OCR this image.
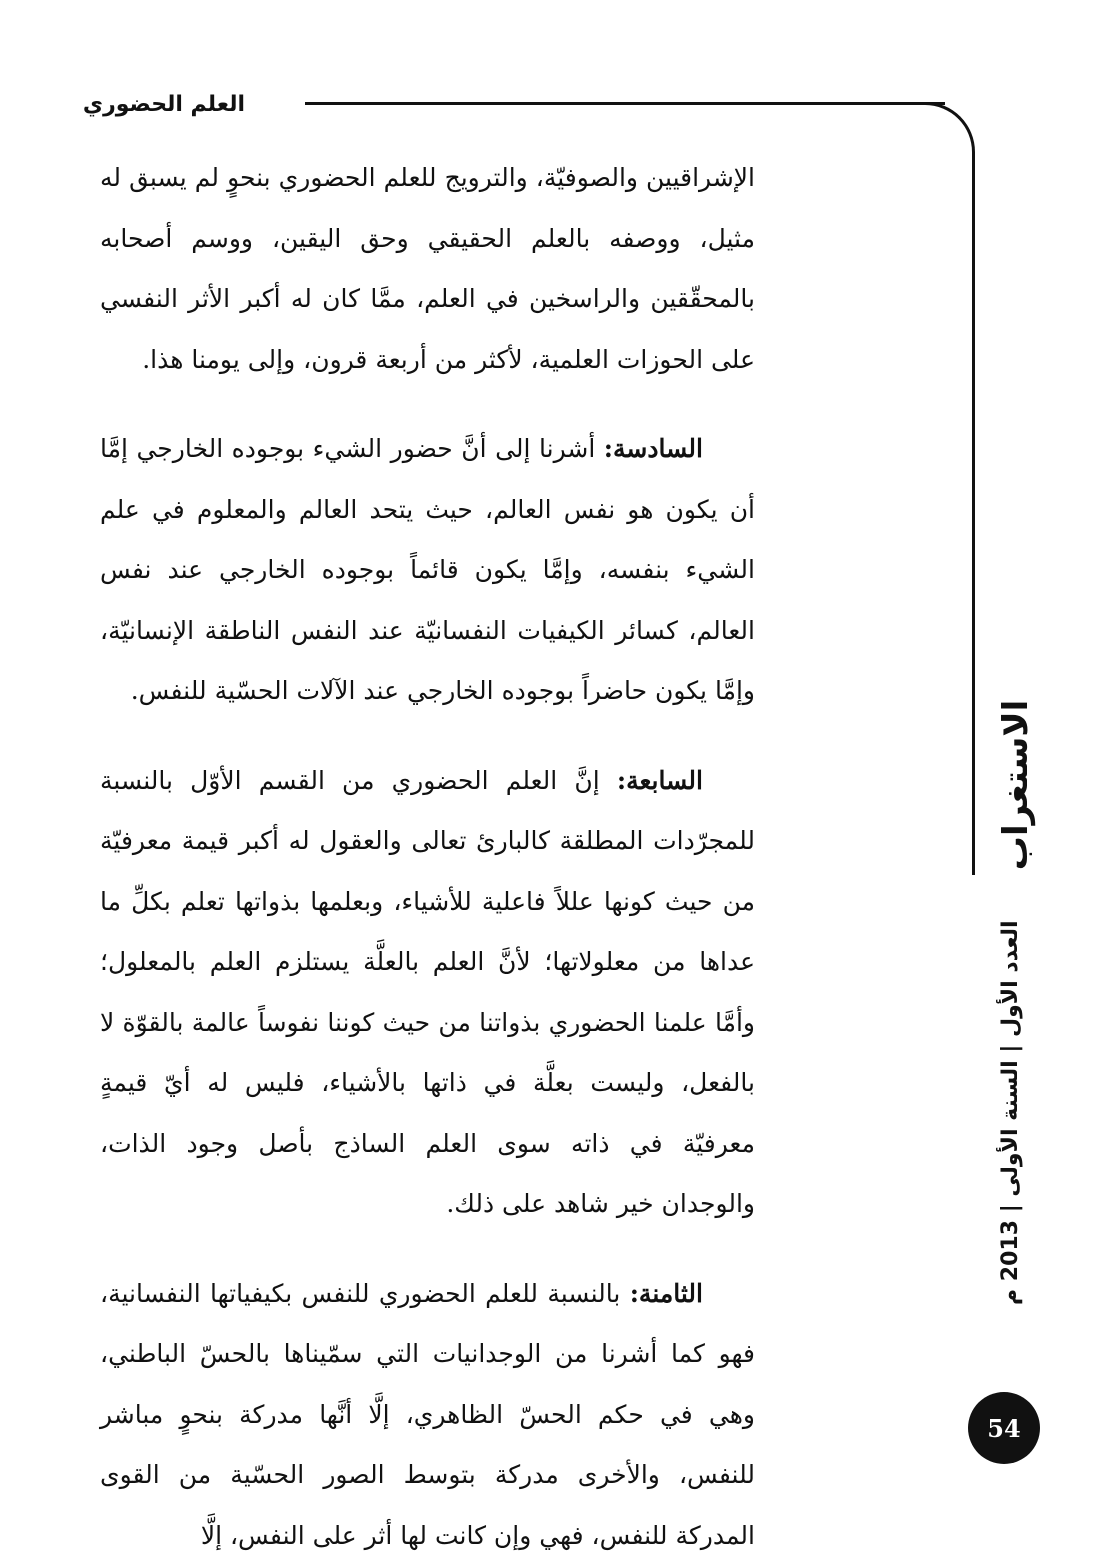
العلم الحضوري

الإشراقيين والصوفيّة، والترويج للعلم الحضوري بنحوٍ لم يسبق له مثيل، ووصفه بالعلم الحقيقي وحق اليقين، ووسم أصحابه بالمحقّقين والراسخين في العلم، ممَّا كان له أكبر الأثر النفسي على الحوزات العلمية، لأكثر من أربعة قرون، وإلى يومنا هذا.

السادسة: أشرنا إلى أنَّ حضور الشيء بوجوده الخارجي إمَّا أن يكون هو نفس العالم، حيث يتحد العالم والمعلوم في علم الشيء بنفسه، وإمَّا يكون قائماً بوجوده الخارجي عند نفس العالم، كسائر الكيفيات النفسانيّة عند النفس الناطقة الإنسانيّة، وإمَّا يكون حاضراً بوجوده الخارجي عند الآلات الحسّية للنفس.

السابعة: إنَّ العلم الحضوري من القسم الأوّل بالنسبة للمجرّدات المطلقة كالبارئ تعالى والعقول له أكبر قيمة معرفيّة من حيث كونها عللاً فاعلية للأشياء، وبعلمها بذواتها تعلم بكلِّ ما عداها من معلولاتها؛ لأنَّ العلم بالعلَّة يستلزم العلم بالمعلول؛ وأمَّا علمنا الحضوري بذواتنا من حيث كوننا نفوساً عالمة بالقوّة لا بالفعل، وليست بعلَّة في ذاتها بالأشياء، فليس له أيّ قيمةٍ معرفيّة في ذاته سوى العلم الساذج بأصل وجود الذات، والوجدان خير شاهد على ذلك.

الثامنة: بالنسبة للعلم الحضوري للنفس بكيفياتها النفسانية، فهو كما أشرنا من الوجدانيات التي سمّيناها بالحسّ الباطني، وهي في حكم الحسّ الظاهري، إلَّا أنَّها مدركة بنحوٍ مباشر للنفس، والأخرى مدركة بتوسط الصور الحسّية من القوى المدركة للنفس، فهي وإن كانت لها أثر على النفس، إلَّا

الاستغراب
العدد الأول | السنة الأولى | 2013 م
54
